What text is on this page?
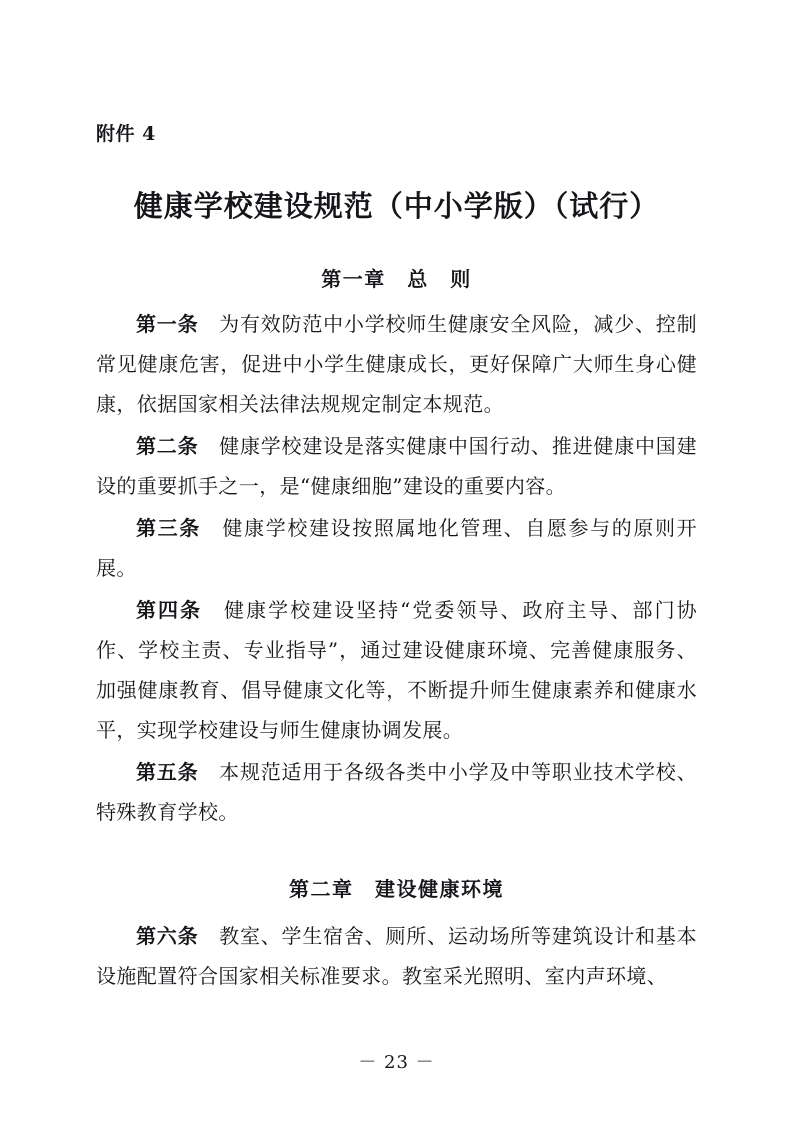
附件 4
健康学校建设规范（中小学版）（试行）
第一章　总　则

第一条　为有效防范中小学校师生健康安全风险，减少、控制常见健康危害，促进中小学生健康成长，更好保障广大师生身心健康，依据国家相关法律法规规定制定本规范。

第二条　健康学校建设是落实健康中国行动、推进健康中国建设的重要抓手之一，是“健康细胞”建设的重要内容。

第三条　健康学校建设按照属地化管理、自愿参与的原则开展。

第四条　健康学校建设坚持“党委领导、政府主导、部门协作、学校主责、专业指导”，通过建设健康环境、完善健康服务、加强健康教育、倡导健康文化等，不断提升师生健康素养和健康水平，实现学校建设与师生健康协调发展。

第五条　本规范适用于各级各类中小学及中等职业技术学校、特殊教育学校。

第二章　建设健康环境

第六条　教室、学生宿舍、厕所、运动场所等建筑设计和基本设施配置符合国家相关标准要求。教室采光照明、室内声环境、

－ 23 －
